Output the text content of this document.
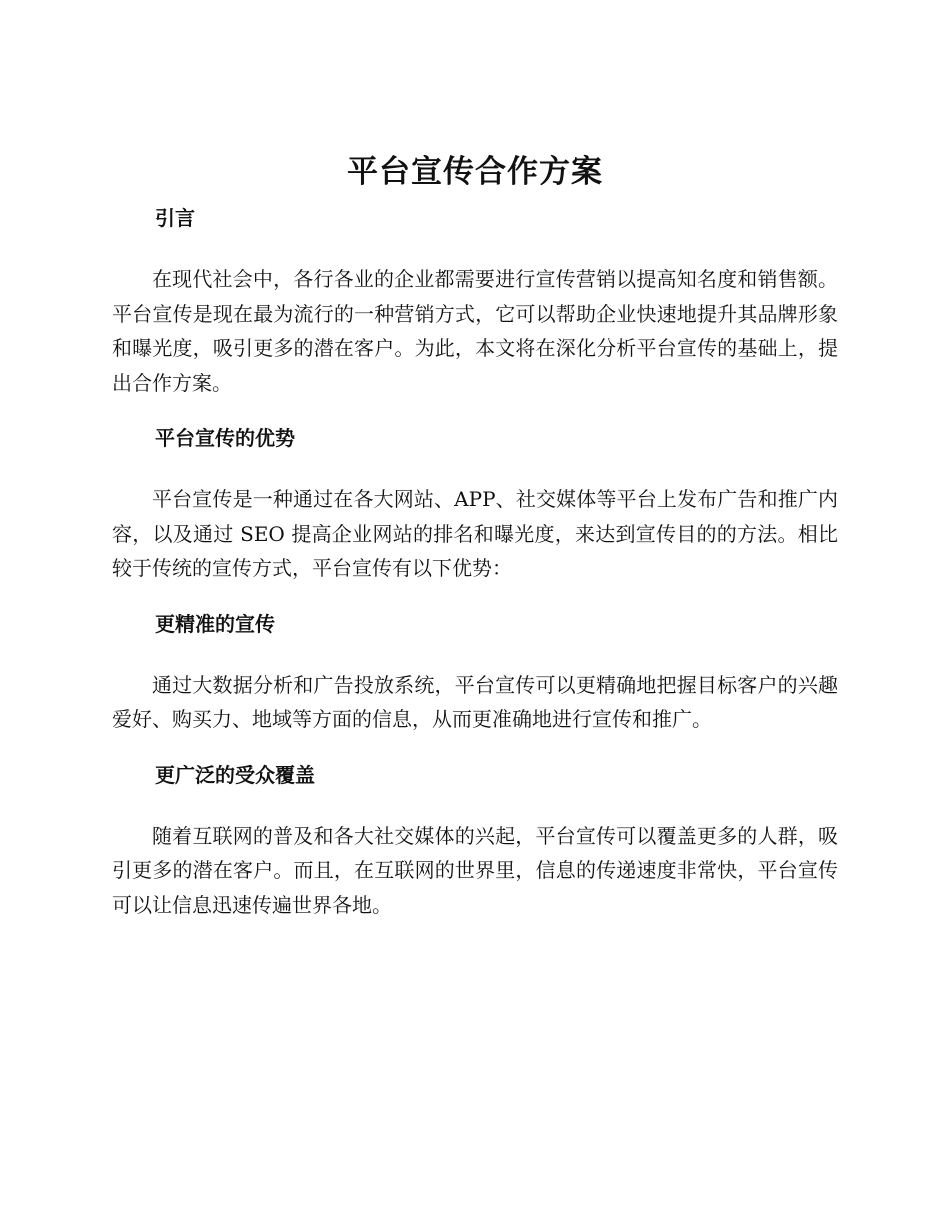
平台宣传合作方案
引言

在现代社会中，各行各业的企业都需要进行宣传营销以提高知名度和销售额。平台宣传是现在最为流行的一种营销方式，它可以帮助企业快速地提升其品牌形象和曝光度，吸引更多的潜在客户。为此，本文将在深化分析平台宣传的基础上，提出合作方案。

平台宣传的优势

平台宣传是一种通过在各大网站、APP、社交媒体等平台上发布广告和推广内容，以及通过 SEO 提高企业网站的排名和曝光度，来达到宣传目的的方法。相比较于传统的宣传方式，平台宣传有以下优势：

更精准的宣传

通过大数据分析和广告投放系统，平台宣传可以更精确地把握目标客户的兴趣爱好、购买力、地域等方面的信息，从而更准确地进行宣传和推广。

更广泛的受众覆盖

随着互联网的普及和各大社交媒体的兴起，平台宣传可以覆盖更多的人群，吸引更多的潜在客户。而且，在互联网的世界里，信息的传递速度非常快，平台宣传可以让信息迅速传遍世界各地。
